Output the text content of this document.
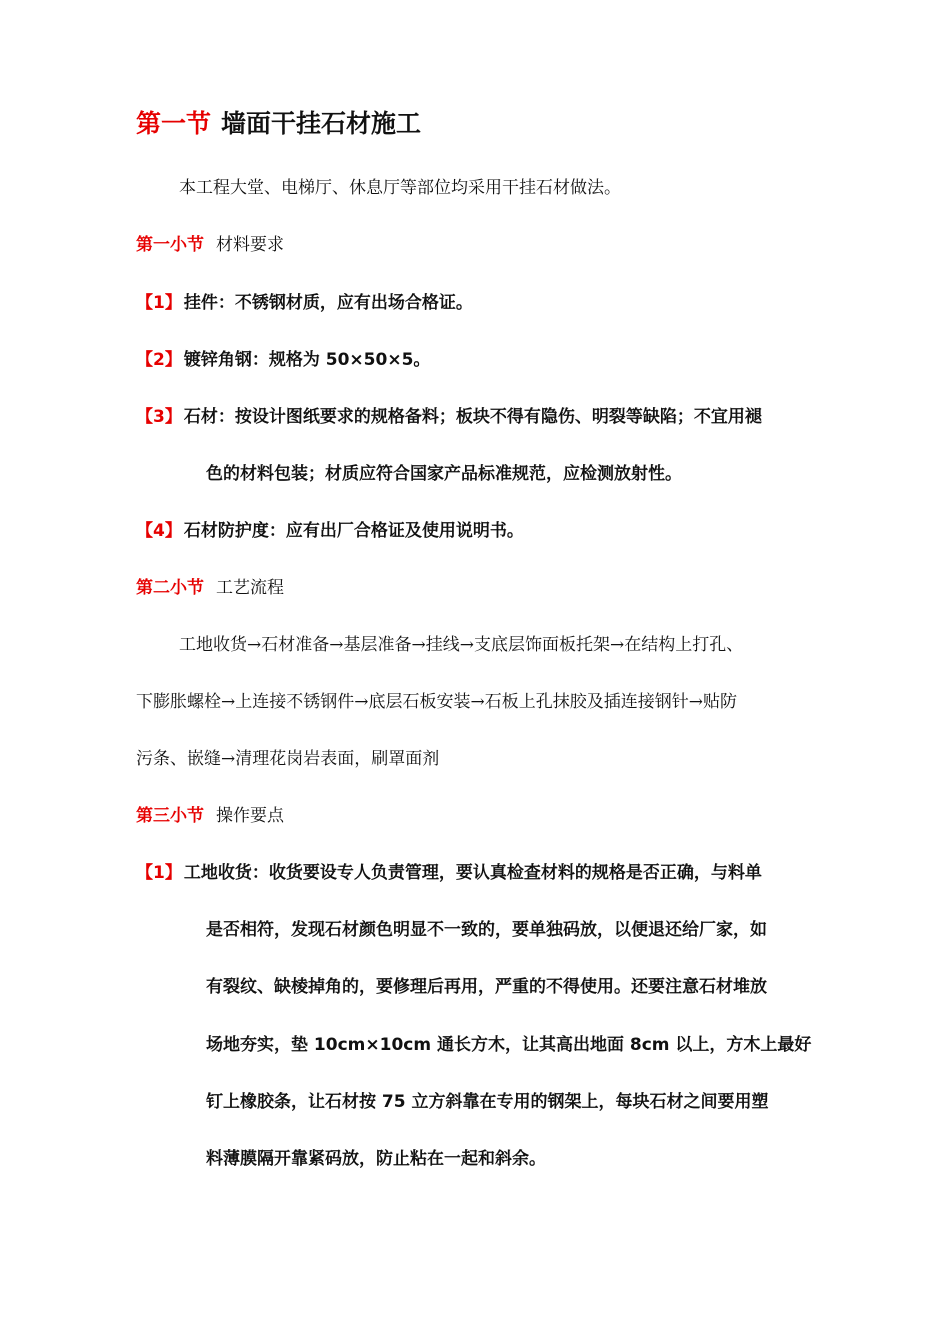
第一节 墙面干挂石材施工
本工程大堂、电梯厅、休息厅等部位均采用干挂石材做法。
第一小节 材料要求
【1】 挂件：不锈钢材质，应有出场合格证。
【2】 镀锌角钢：规格为 50×50×5。
【3】 石材：按设计图纸要求的规格备料；板块不得有隐伤、明裂等缺陷；不宜用褪
色的材料包装；材质应符合国家产品标准规范，应检测放射性。
【4】 石材防护度：应有出厂合格证及使用说明书。
第二小节 工艺流程
工地收货→石材准备→基层准备→挂线→支底层饰面板托架→在结构上打孔、
下膨胀螺栓→上连接不锈钢件→底层石板安装→石板上孔抹胶及插连接钢针→贴防
污条、嵌缝→清理花岗岩表面，刷罩面剂
第三小节 操作要点
【1】 工地收货：收货要设专人负责管理，要认真检查材料的规格是否正确，与料单
是否相符，发现石材颜色明显不一致的，要单独码放，以便退还给厂家，如
有裂纹、缺棱掉角的，要修理后再用，严重的不得使用。还要注意石材堆放
场地夯实，垫 10cm×10cm 通长方木，让其高出地面 8cm 以上，方木上最好
钉上橡胶条，让石材按 75 立方斜靠在专用的钢架上，每块石材之间要用塑
料薄膜隔开靠紧码放，防止粘在一起和斜余。
